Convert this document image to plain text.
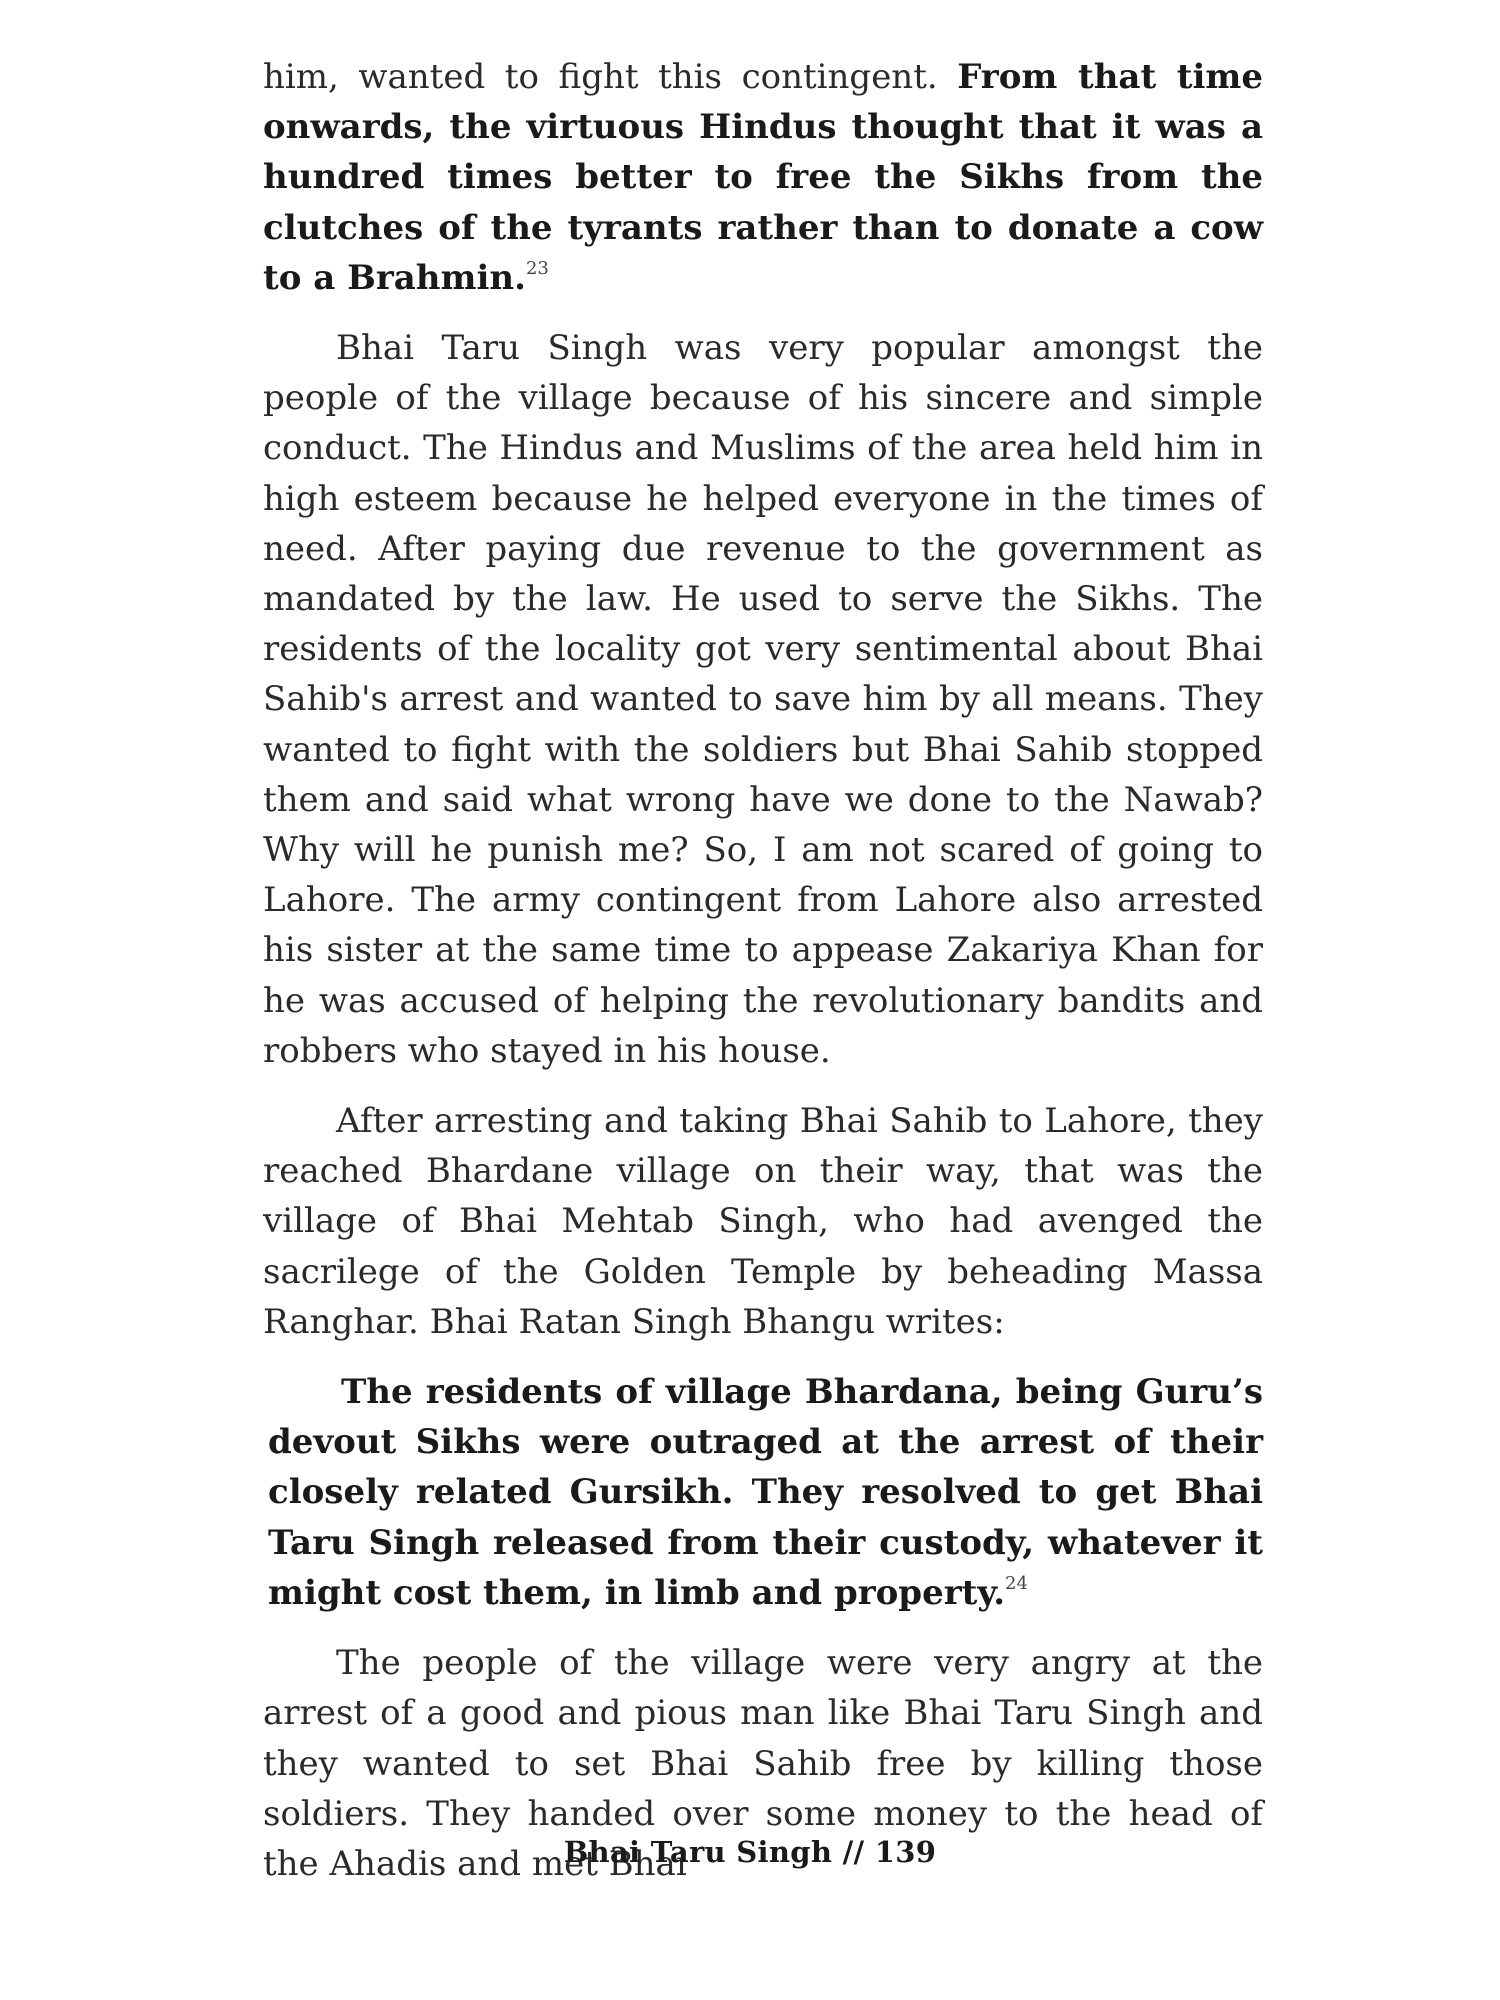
him, wanted to fight this contingent. From that time onwards, the virtuous Hindus thought that it was a hundred times better to free the Sikhs from the clutches of the tyrants rather than to donate a cow to a Brahmin.$^{23}$

Bhai Taru Singh was very popular amongst the people of the village because of his sincere and simple conduct. The Hindus and Muslims of the area held him in high esteem because he helped everyone in the times of need. After paying due revenue to the government as mandated by the law. He used to serve the Sikhs. The residents of the locality got very sentimental about Bhai Sahib's arrest and wanted to save him by all means. They wanted to fight with the soldiers but Bhai Sahib stopped them and said what wrong have we done to the Nawab? Why will he punish me? So, I am not scared of going to Lahore. The army contingent from Lahore also arrested his sister at the same time to appease Zakariya Khan for he was accused of helping the revolutionary bandits and robbers who stayed in his house.

After arresting and taking Bhai Sahib to Lahore, they reached Bhardane village on their way, that was the village of Bhai Mehtab Singh, who had avenged the sacrilege of the Golden Temple by beheading Massa Ranghar. Bhai Ratan Singh Bhangu writes:

The residents of village Bhardana, being Guru’s devout Sikhs were outraged at the arrest of their closely related Gursikh. They resolved to get Bhai Taru Singh released from their custody, whatever it might cost them, in limb and property.$^{24}$

The people of the village were very angry at the arrest of a good and pious man like Bhai Taru Singh and they wanted to set Bhai Sahib free by killing those soldiers. They handed over some money to the head of the Ahadis and met Bhai

Bhai Taru Singh // 139
